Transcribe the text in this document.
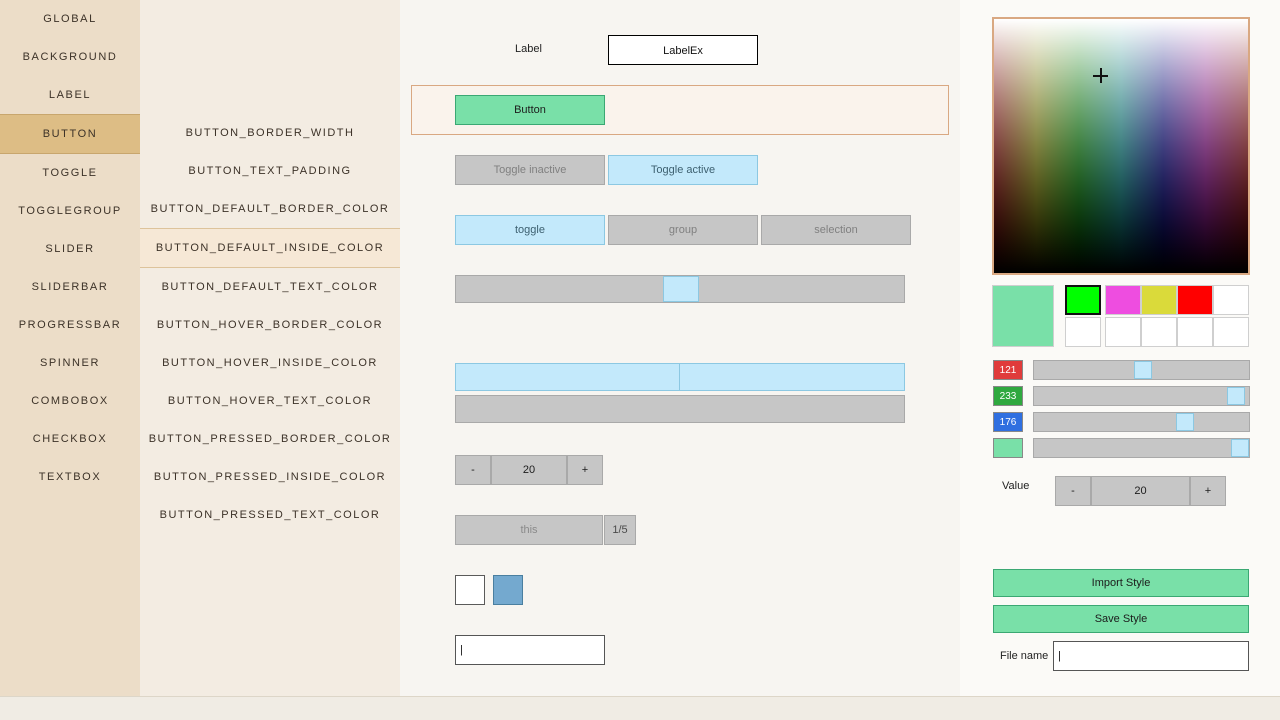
GLOBAL
BACKGROUND
LABEL
BUTTON
TOGGLE
TOGGLEGROUP
SLIDER
SLIDERBAR
PROGRESSBAR
SPINNER
COMBOBOX
CHECKBOX
TEXTBOX
BUTTON_BORDER_WIDTH
BUTTON_TEXT_PADDING
BUTTON_DEFAULT_BORDER_COLOR
BUTTON_DEFAULT_INSIDE_COLOR
BUTTON_DEFAULT_TEXT_COLOR
BUTTON_HOVER_BORDER_COLOR
BUTTON_HOVER_INSIDE_COLOR
BUTTON_HOVER_TEXT_COLOR
BUTTON_PRESSED_BORDER_COLOR
BUTTON_PRESSED_INSIDE_COLOR
BUTTON_PRESSED_TEXT_COLOR
Label	LabelEx
Button
Toggle inactive	Toggle active
toggle	group	selection
-	20	+
this	1/5
|
121
233
176
Value	-	20	+
Import Style
Save Style
File name |
